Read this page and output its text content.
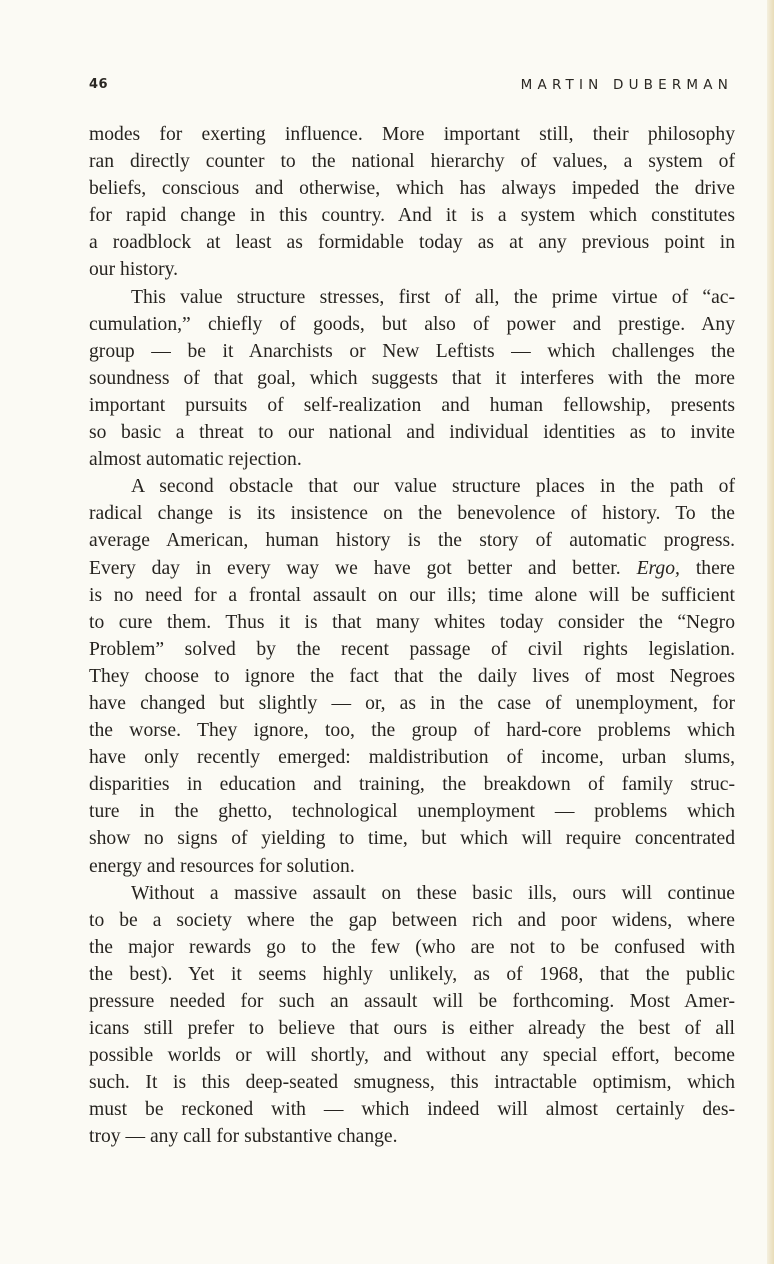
46	MARTIN DUBERMAN

modes for exerting influence. More important still, their philosophy
ran directly counter to the national hierarchy of values, a system of
beliefs, conscious and otherwise, which has always impeded the drive
for rapid change in this country. And it is a system which constitutes
a roadblock at least as formidable today as at any previous point in
our history.

This value structure stresses, first of all, the prime virtue of “ac-
cumulation,” chiefly of goods, but also of power and prestige. Any
group — be it Anarchists or New Leftists — which challenges the
soundness of that goal, which suggests that it interferes with the more
important pursuits of self-realization and human fellowship, presents
so basic a threat to our national and individual identities as to invite
almost automatic rejection.

A second obstacle that our value structure places in the path of
radical change is its insistence on the benevolence of history. To the
average American, human history is the story of automatic progress.
Every day in every way we have got better and better. Ergo, there
is no need for a frontal assault on our ills; time alone will be sufficient
to cure them. Thus it is that many whites today consider the “Negro
Problem” solved by the recent passage of civil rights legislation.
They choose to ignore the fact that the daily lives of most Negroes
have changed but slightly — or, as in the case of unemployment, for
the worse. They ignore, too, the group of hard-core problems which
have only recently emerged: maldistribution of income, urban slums,
disparities in education and training, the breakdown of family struc-
ture in the ghetto, technological unemployment — problems which
show no signs of yielding to time, but which will require concentrated
energy and resources for solution.

Without a massive assault on these basic ills, ours will continue
to be a society where the gap between rich and poor widens, where
the major rewards go to the few (who are not to be confused with
the best). Yet it seems highly unlikely, as of 1968, that the public
pressure needed for such an assault will be forthcoming. Most Amer-
icans still prefer to believe that ours is either already the best of all
possible worlds or will shortly, and without any special effort, become
such. It is this deep-seated smugness, this intractable optimism, which
must be reckoned with — which indeed will almost certainly des-
troy — any call for substantive change.
